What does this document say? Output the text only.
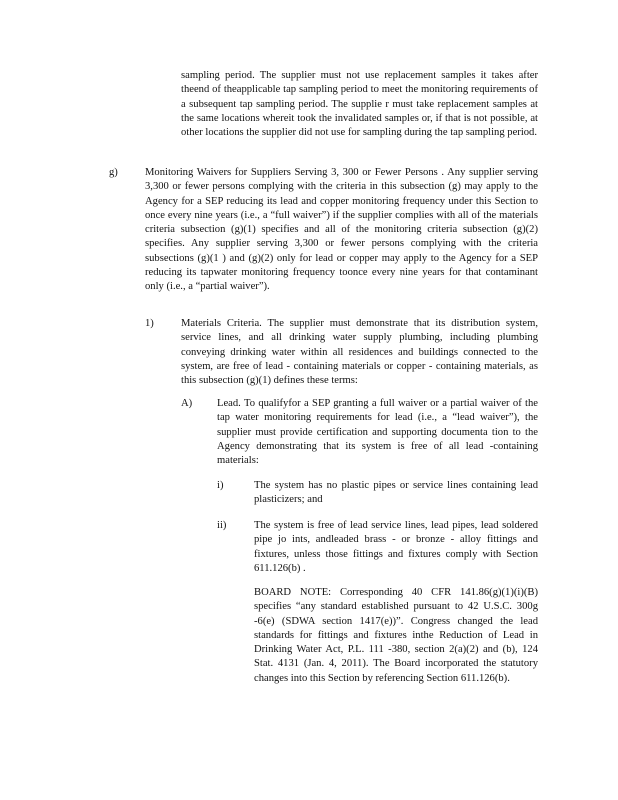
sampling period. The supplier must not use replacement samples it takes after theend of theapplicable tap sampling period to meet the monitoring requirements of a subsequent tap sampling period. The supplie r must take replacement samples at the same locations whereit took the invalidated samples or, if that is not possible, at other locations the supplier did not use for sampling during the tap sampling period.

g)	Monitoring Waivers for Suppliers Serving 3, 300 or Fewer Persons . Any supplier serving 3,300 or fewer persons complying with the criteria in this subsection (g) may apply to the Agency for a SEP reducing its lead and copper monitoring frequency under this Section to once every nine years (i.e., a “full waiver”) if the supplier complies with all of the materials criteria subsection (g)(1) specifies and all of the monitoring criteria subsection (g)(2) specifies. Any supplier serving 3,300 or fewer persons complying with the criteria subsections (g)(1 ) and (g)(2) only for lead or copper may apply to the Agency for a SEP reducing its tapwater monitoring frequency toonce every nine years for that contaminant only (i.e., a “partial waiver”).

1)	Materials Criteria. The supplier must demonstrate that its distribution system, service lines, and all drinking water supply plumbing, including plumbing conveying drinking water within all residences and buildings connected to the system, are free of lead - containing materials or copper - containing materials, as this subsection (g)(1) defines these terms:

A) Lead. To qualifyfor a SEP granting a full waiver or a partial waiver of the tap water monitoring requirements for lead (i.e., a “lead waiver”), the supplier must provide certification and supporting documenta tion to the Agency demonstrating that its system is free of all lead -containing materials:

i)	The system has no plastic pipes or service lines containing lead plasticizers; and

ii)	The system is free of lead service lines, lead pipes, lead soldered pipe jo ints, andleaded brass - or bronze - alloy fittings and fixtures, unless those fittings and fixtures comply with Section 611.126(b) .

BOARD NOTE: Corresponding 40 CFR 141.86(g)(1)(i)(B) specifies “any standard established pursuant to 42 U.S.C. 300g -6(e) (SDWA section 1417(e))”. Congress changed the lead standards for fittings and fixtures inthe Reduction of Lead in Drinking Water Act, P.L. 111 -380, section 2(a)(2) and (b), 124 Stat. 4131 (Jan. 4, 2011). The Board incorporated the statutory changes into this Section by referencing Section 611.126(b).
